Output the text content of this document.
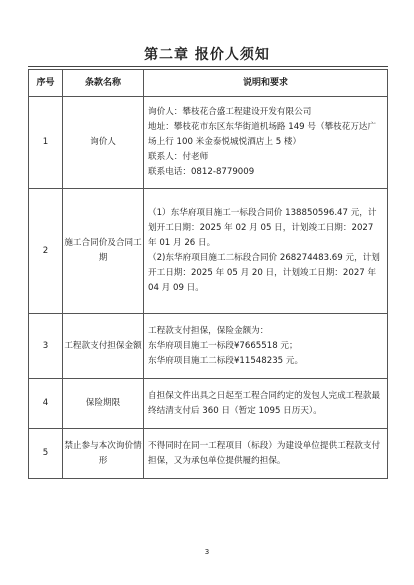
第二章 报价人须知
序号	条款名称	说明和要求
1	询价人	询价人：攀枝花合盛工程建设开发有限公司
地址：攀枝花市东区东华街道机场路 149 号（攀枝花万达广场上行 100 米金泰悦城悦酒店上 5 楼）
联系人：付老师
联系电话：0812-8779009

2	施工合同价及合同工期	（1）东华府项目施工一标段合同价 138850596.47 元，计划开工日期：2025 年 02 月 05 日，计划竣工日期：2027 年 01 月 26 日。
（2)东华府项目施工二标段合同价 268274483.69 元，计划开工日期：2025 年 05 月 20 日，计划竣工日期：2027 年 04 月 09 日。

3	工程款支付担保金额	工程款支付担保，保险金额为：
东华府项目施工一标段¥7665518 元；
东华府项目施工二标段¥11548235 元。

4	保险期限	自担保文件出具之日起至工程合同约定的发包人完成工程款最终结清支付后 360 日（暂定 1095 日历天）。

5	禁止参与本次询价情形	不得同时在同一工程项目（标段）为建设单位提供工程款支付担保，又为承包单位提供履约担保。
3
